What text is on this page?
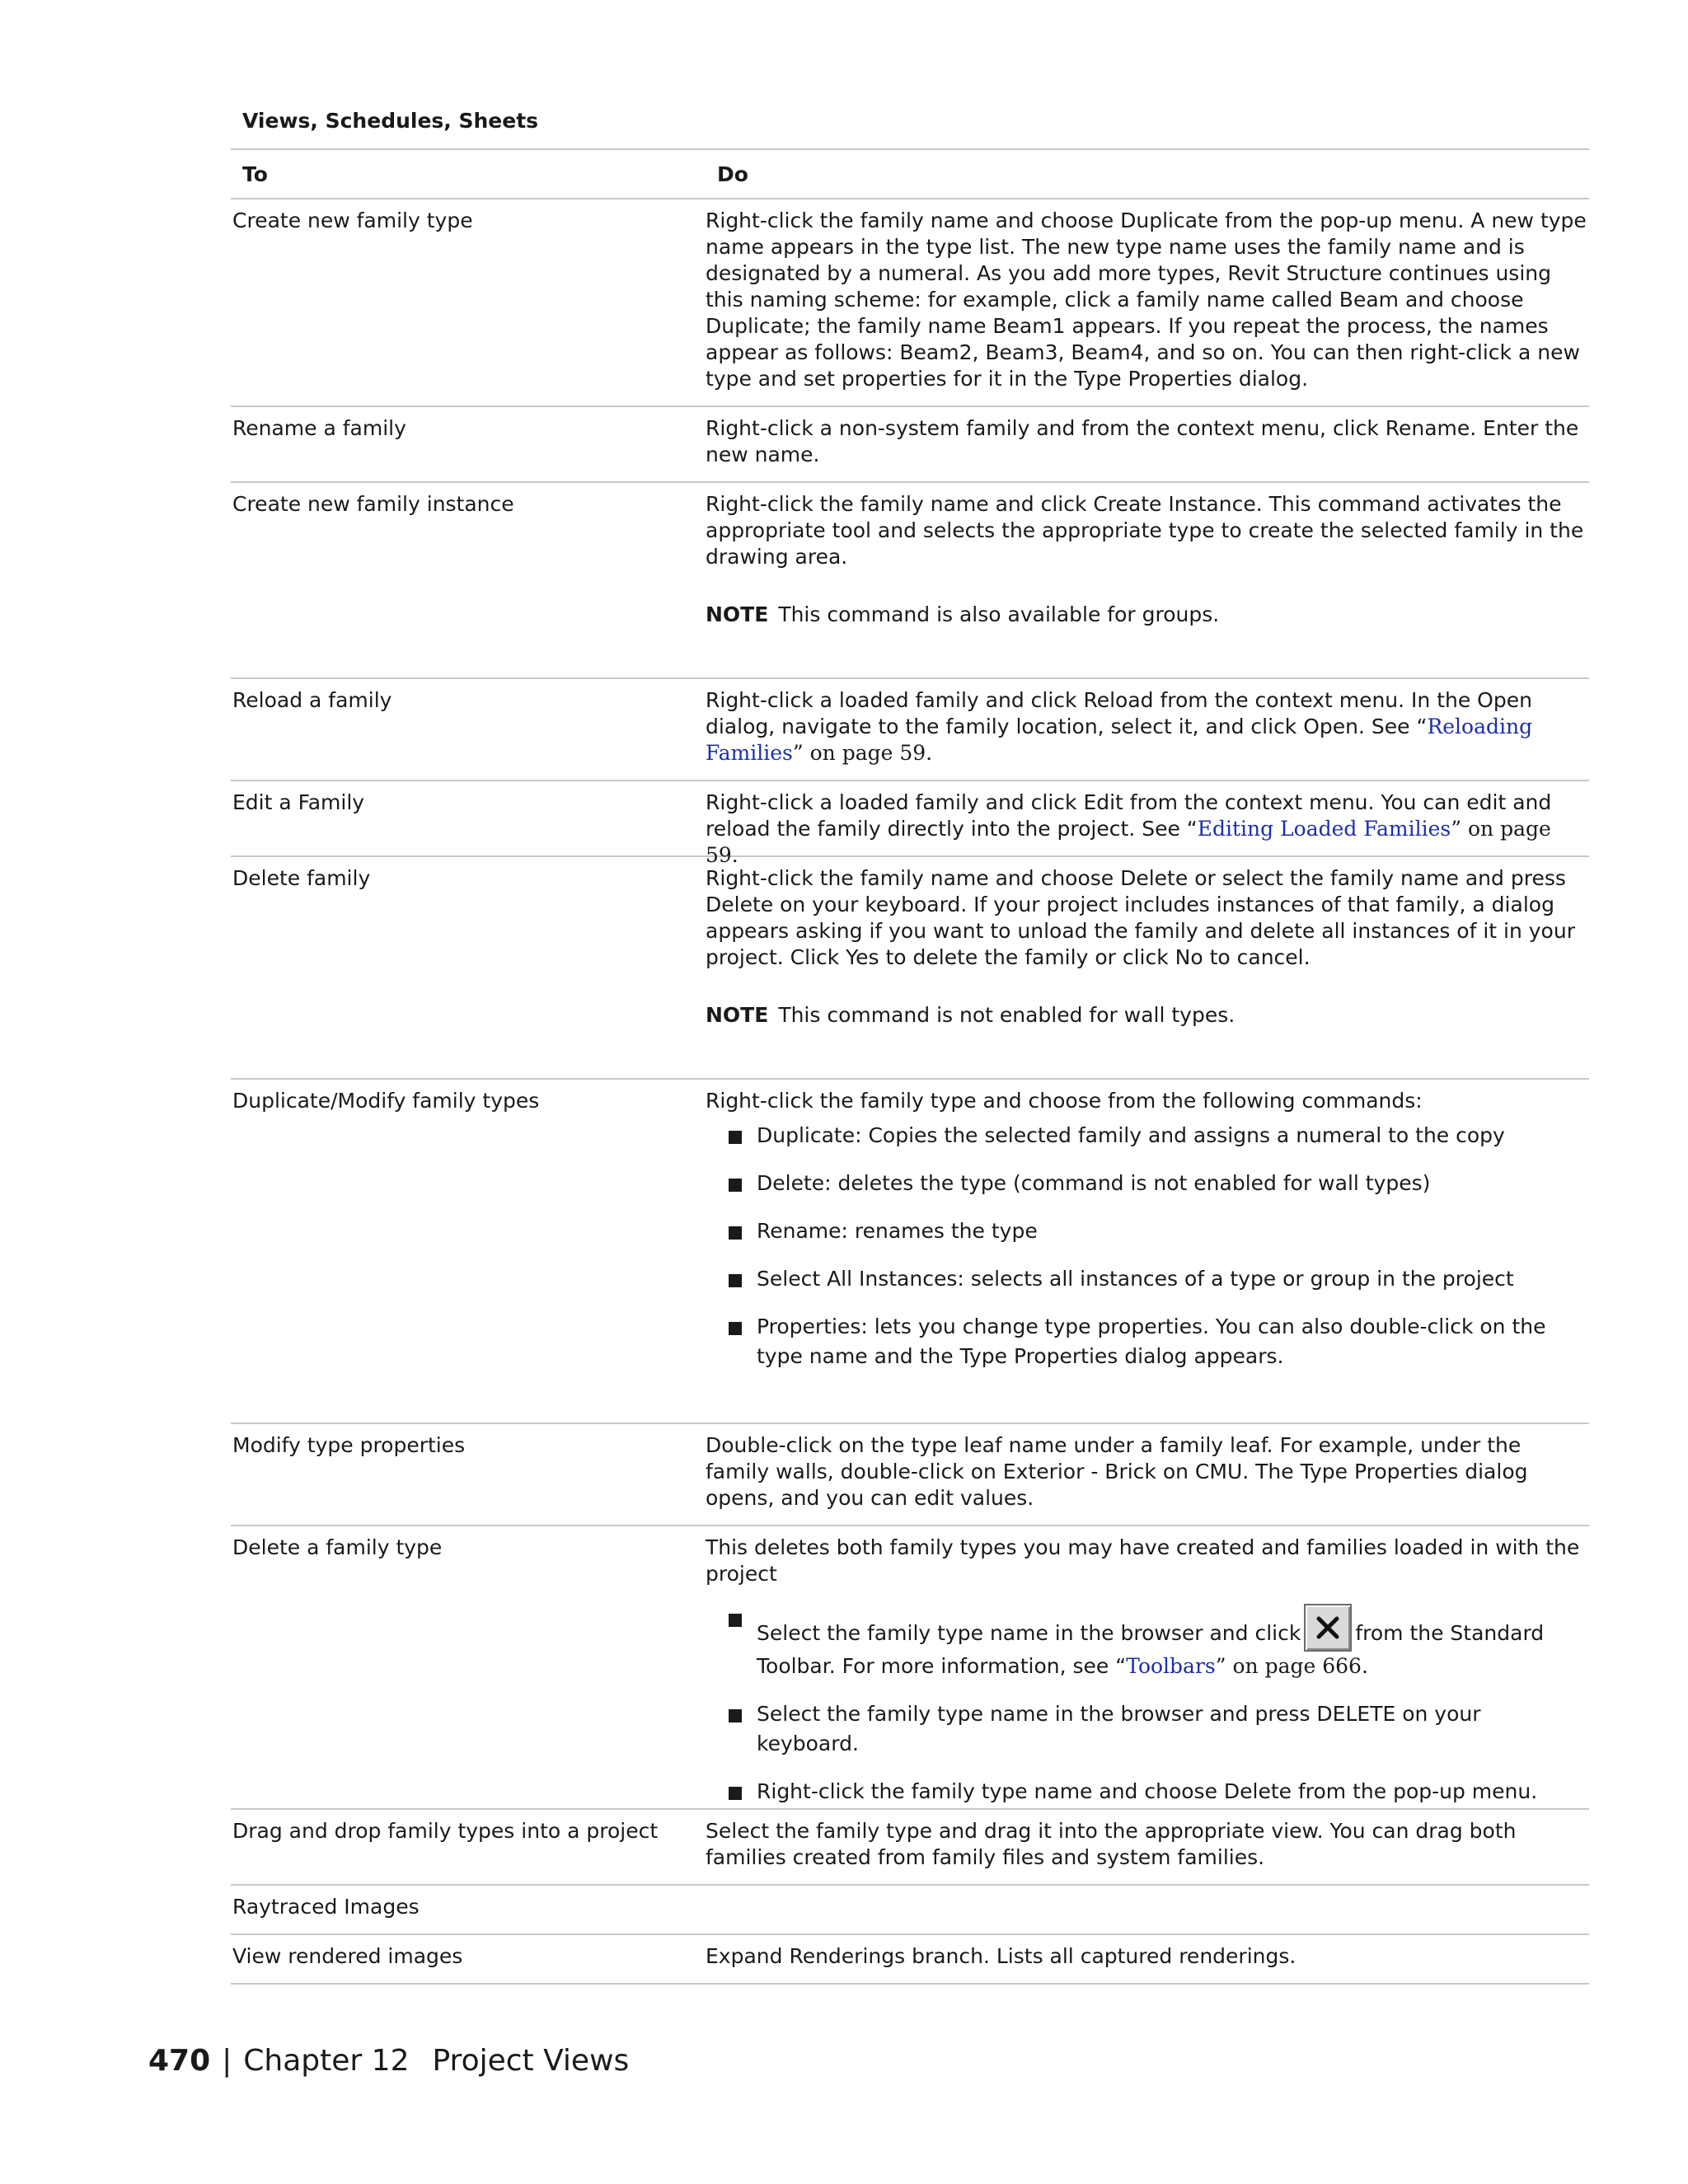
Views, Schedules, Sheets
To	Do
Create new family type	Right-click the family name and choose Duplicate from the pop-up menu. A new type name appears in the type list. The new type name uses the family name and is designated by a numeral. As you add more types, Revit Structure continues using this naming scheme: for example, click a family name called Beam and choose Duplicate; the family name Beam1 appears. If you repeat the process, the names appear as follows: Beam2, Beam3, Beam4, and so on. You can then right-click a new type and set properties for it in the Type Properties dialog.
Rename a family	Right-click a non-system family and from the context menu, click Rename. Enter the new name.
Create new family instance	Right-click the family name and click Create Instance. This command activates the appropriate tool and selects the appropriate type to create the selected family in the drawing area.
NOTE This command is also available for groups.
Reload a family	Right-click a loaded family and click Reload from the context menu. In the Open dialog, navigate to the family location, select it, and click Open. See “Reloading Families” on page 59.
Edit a Family	Right-click a loaded family and click Edit from the context menu. You can edit and reload the family directly into the project. See “Editing Loaded Families” on page 59.
Delete family	Right-click the family name and choose Delete or select the family name and press Delete on your keyboard. If your project includes instances of that family, a dialog appears asking if you want to unload the family and delete all instances of it in your project. Click Yes to delete the family or click No to cancel.
NOTE This command is not enabled for wall types.
Duplicate/Modify family types	Right-click the family type and choose from the following commands:
Duplicate: Copies the selected family and assigns a numeral to the copy
Delete: deletes the type (command is not enabled for wall types)
Rename: renames the type
Select All Instances: selects all instances of a type or group in the project
Properties: lets you change type properties. You can also double-click on the type name and the Type Properties dialog appears.
Modify type properties	Double-click on the type leaf name under a family leaf. For example, under the family walls, double-click on Exterior - Brick on CMU. The Type Properties dialog opens, and you can edit values.
Delete a family type	This deletes both family types you may have created and families loaded in with the project
Select the family type name in the browser and click	from the Standard Toolbar. For more information, see “Toolbars” on page 666.
Select the family type name in the browser and press DELETE on your keyboard.
Right-click the family type name and choose Delete from the pop-up menu.
Drag and drop family types into a project	Select the family type and drag it into the appropriate view. You can drag both families created from family files and system families.
Raytraced Images
View rendered images	Expand Renderings branch. Lists all captured renderings.
470 | Chapter 12 Project Views
